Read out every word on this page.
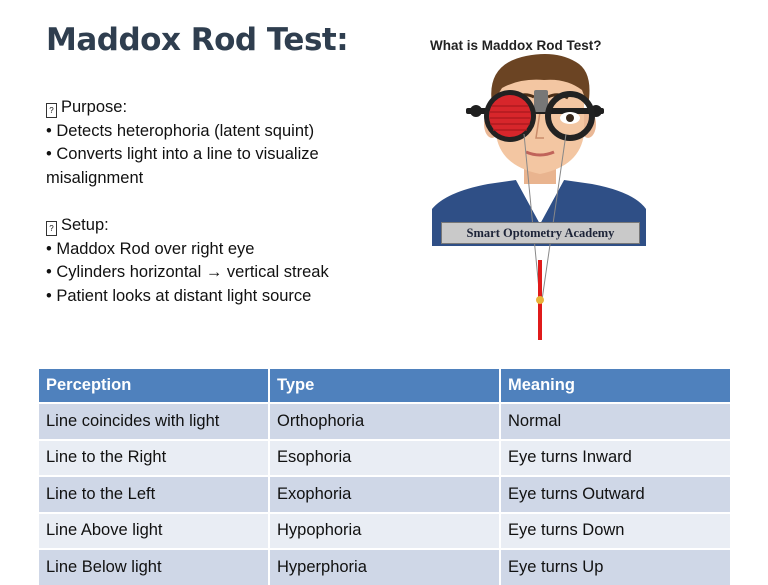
Maddox Rod Test:
? Purpose:
• Detects heterophoria (latent squint)
• Converts light into a line to visualize misalignment
? Setup:
• Maddox Rod over right eye
• Cylinders horizontal → vertical streak
• Patient looks at distant light source
What is Maddox Rod Test?
Smart Optometry Academy
Perception	Type	Meaning
Line coincides with light	Orthophoria	Normal
Line to the Right	Esophoria	Eye turns Inward
Line to the Left	Exophoria	Eye turns Outward
Line Above light	Hypophoria	Eye turns Down
Line Below light	Hyperphoria	Eye turns Up
